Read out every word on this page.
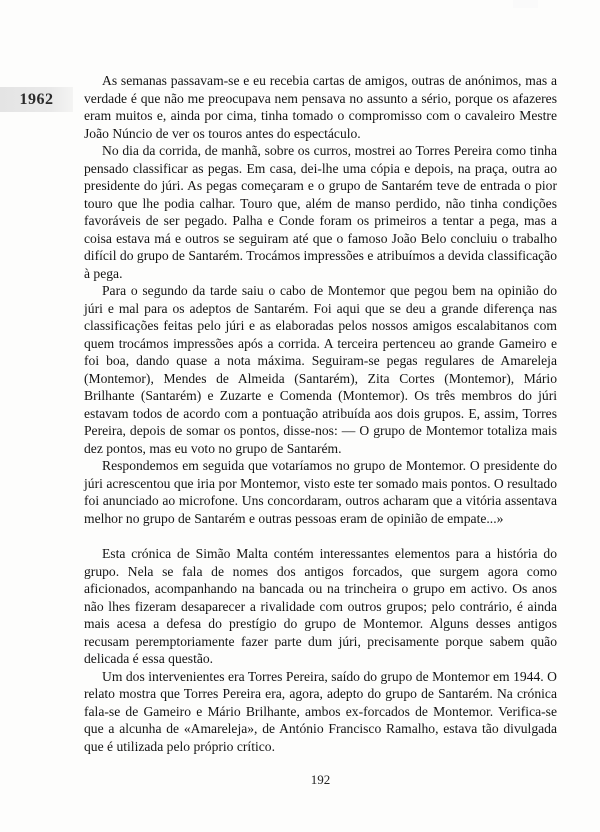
1962

As semanas passavam-se e eu recebia cartas de amigos, outras de anónimos, mas a verdade é que não me preocupava nem pensava no assunto a sério, porque os afazeres eram muitos e, ainda por cima, tinha tomado o compromisso com o cavaleiro Mestre João Núncio de ver os touros antes do espectáculo.

No dia da corrida, de manhã, sobre os curros, mostrei ao Torres Pereira como tinha pensado classificar as pegas. Em casa, dei-lhe uma cópia e depois, na praça, outra ao presidente do júri. As pegas começaram e o grupo de Santarém teve de entrada o pior touro que lhe podia calhar. Touro que, além de manso perdido, não tinha condições favoráveis de ser pegado. Palha e Conde foram os primeiros a tentar a pega, mas a coisa estava má e outros se seguiram até que o famoso João Belo concluiu o trabalho difícil do grupo de Santarém. Trocámos impressões e atribuímos a devida classificação à pega.

Para o segundo da tarde saiu o cabo de Montemor que pegou bem na opinião do júri e mal para os adeptos de Santarém. Foi aqui que se deu a grande diferença nas classificações feitas pelo júri e as elaboradas pelos nossos amigos escalabitanos com quem trocámos impressões após a corrida. A terceira pertenceu ao grande Gameiro e foi boa, dando quase a nota máxima. Seguiram-se pegas regulares de Amareleja (Montemor), Mendes de Almeida (Santarém), Zita Cortes (Montemor), Mário Brilhante (Santarém) e Zuzarte e Comenda (Montemor). Os três membros do júri estavam todos de acordo com a pontuação atribuída aos dois grupos. E, assim, Torres Pereira, depois de somar os pontos, disse-nos: — O grupo de Montemor totaliza mais dez pontos, mas eu voto no grupo de Santarém.

Respondemos em seguida que votaríamos no grupo de Montemor. O presidente do júri acrescentou que iria por Montemor, visto este ter somado mais pontos. O resultado foi anunciado ao microfone. Uns concordaram, outros acharam que a vitória assentava melhor no grupo de Santarém e outras pessoas eram de opinião de empate...»

Esta crónica de Simão Malta contém interessantes elementos para a história do grupo. Nela se fala de nomes dos antigos forcados, que surgem agora como aficionados, acompanhando na bancada ou na trincheira o grupo em activo. Os anos não lhes fizeram desaparecer a rivalidade com outros grupos; pelo contrário, é ainda mais acesa a defesa do prestígio do grupo de Montemor. Alguns desses antigos recusam peremptoriamente fazer parte dum júri, precisamente porque sabem quão delicada é essa questão.

Um dos intervenientes era Torres Pereira, saído do grupo de Montemor em 1944. O relato mostra que Torres Pereira era, agora, adepto do grupo de Santarém. Na crónica fala-se de Gameiro e Mário Brilhante, ambos ex-forcados de Montemor. Verifica-se que a alcunha de «Amareleja», de António Francisco Ramalho, estava tão divulgada que é utilizada pelo próprio crítico.

192
